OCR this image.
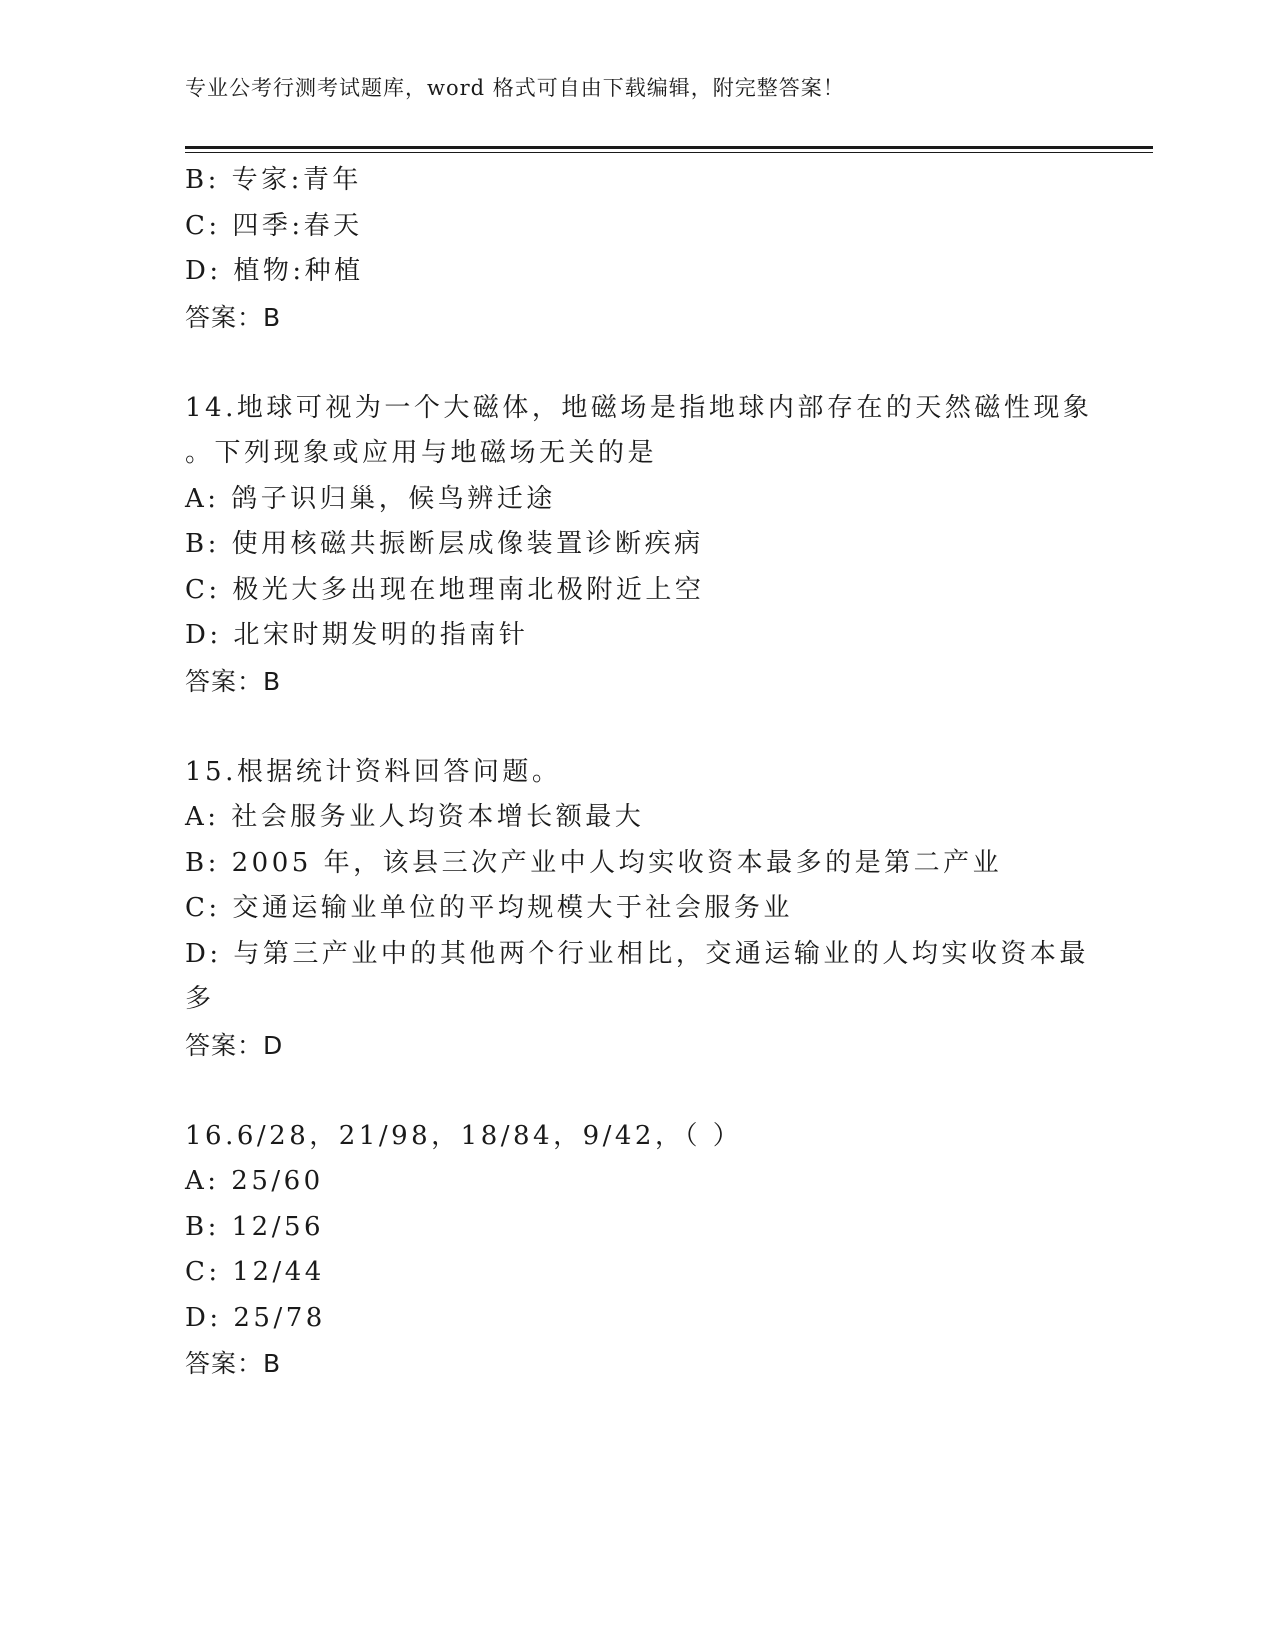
专业公考行测考试题库，word 格式可自由下载编辑，附完整答案！
B: 专家:青年
C: 四季:春天
D: 植物:种植
答案：B
14.地球可视为一个大磁体，地磁场是指地球内部存在的天然磁性现象
。下列现象或应用与地磁场无关的是
A: 鸽子识归巢，候鸟辨迁途
B: 使用核磁共振断层成像装置诊断疾病
C: 极光大多出现在地理南北极附近上空
D: 北宋时期发明的指南针
答案：B
15.根据统计资料回答问题。
A: 社会服务业人均资本增长额最大
B: 2005 年，该县三次产业中人均实收资本最多的是第二产业
C: 交通运输业单位的平均规模大于社会服务业
D: 与第三产业中的其他两个行业相比，交通运输业的人均实收资本最
多
答案：D
16.6/28，21/98，18/84，9/42，（ ）
A: 25/60
B: 12/56
C: 12/44
D: 25/78
答案：B
